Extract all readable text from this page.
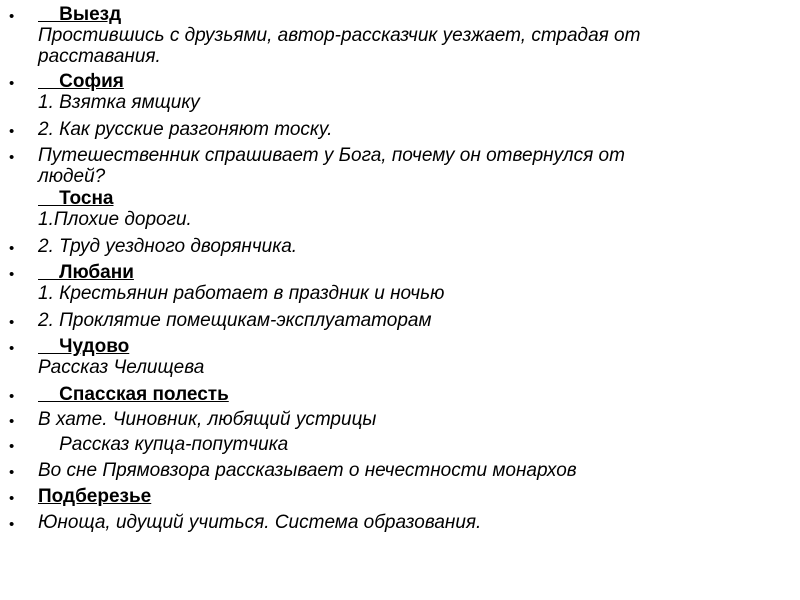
• Выезд
Простившись с друзьями, автор-рассказчик уезжает, страдая от
расставания.
• София
1. Взятка ямщику
• 2. Как русские разгоняют тоску.
• Путешественник спрашивает у Бога, почему он отвернулся от
людей?
Тосна
1.Плохие дороги.
• 2. Труд уездного дворянчика.
• Любани
1. Крестьянин работает в праздник и ночью
• 2. Проклятие помещикам-эксплуататорам
• Чудово
Рассказ Челищева
• Спасская полесть
• В хате. Чиновник, любящий устрицы
• Рассказ купца-попутчика
• Во сне Прямовзора рассказывает о нечестности монархов
• Подберезье
• Юноща, идущий учиться. Система образования.
